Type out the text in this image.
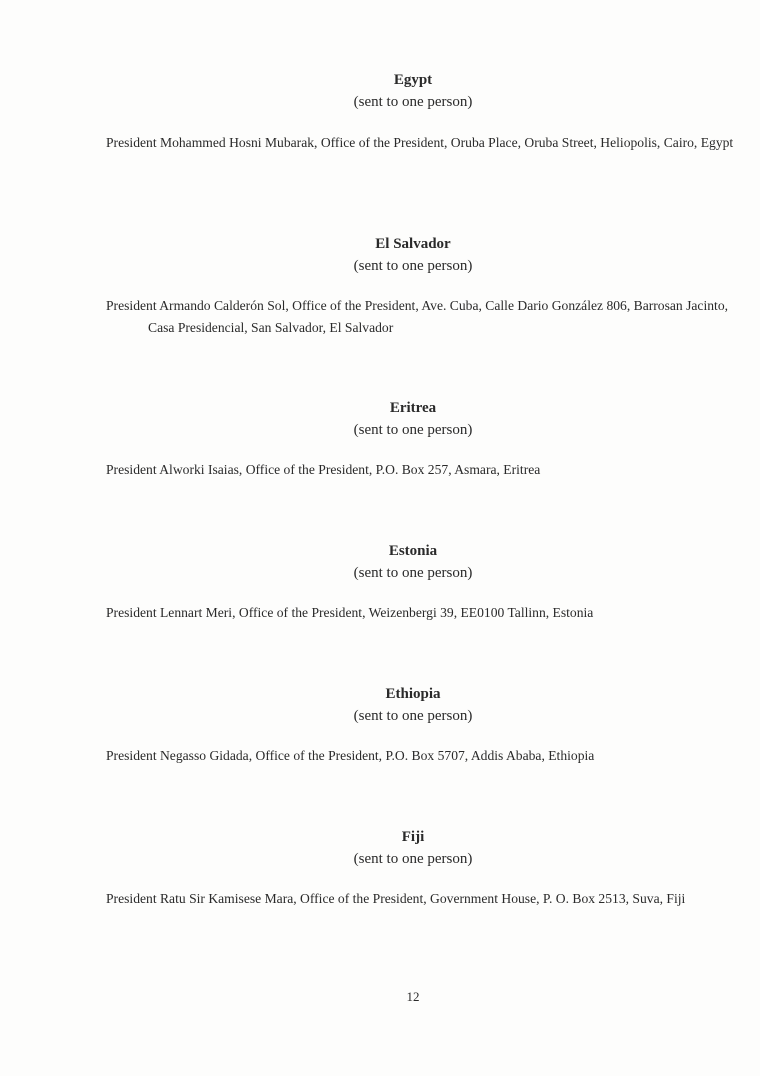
Egypt

(sent to one person)

President Mohammed Hosni Mubarak, Office of the President, Oruba Place, Oruba Street, Heliopolis, Cairo, Egypt

El Salvador

(sent to one person)

President Armando Calderón Sol, Office of the President, Ave. Cuba, Calle Dario González 806, Barrosan Jacinto, Casa Presidencial, San Salvador, El Salvador

Eritrea

(sent to one person)

President Alworki Isaias, Office of the President, P.O. Box 257, Asmara, Eritrea

Estonia

(sent to one person)

President Lennart Meri, Office of the President, Weizenbergi 39, EE0100 Tallinn, Estonia

Ethiopia

(sent to one person)

President Negasso Gidada, Office of the President, P.O. Box 5707, Addis Ababa, Ethiopia

Fiji

(sent to one person)

President Ratu Sir Kamisese Mara, Office of the President, Government House, P. O. Box 2513, Suva, Fiji

12
